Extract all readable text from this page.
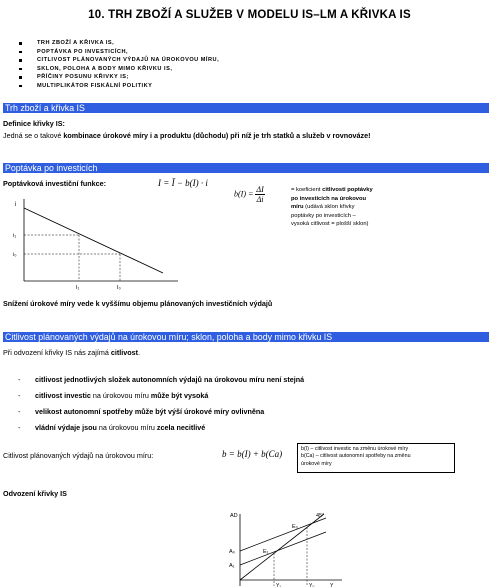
10. TRH ZBOŽÍ A SLUŽEB V MODELU IS–LM A KŘIVKA IS
TRH ZBOŽÍ A KŘIVKA IS,
POPTÁVKA PO INVESTICÍCH,
CITLIVOST PLÁNOVANÝCH VÝDAJŮ NA ÚROKOVOU MÍRU,
SKLON, POLOHA A BODY MIMO KŘIVKU IS,
PŘÍČINY POSUNU KŘIVKY IS;
MULTIPLIKÁTOR FISKÁLNÍ POLITIKY
Trh zboží a křivka IS
Definice křivky IS:
Jedná se o takové kombinace úrokové míry i a produktu (důchodu) při níž je trh statků a služeb v rovnováze!
Poptávka po investicích
Poptávková investiční funkce:	I = Ī − b(I) · i
$b(I) = \frac{\Delta I}{\Delta i}$	= koeficient citlivosti poptávky
po investicích na úrokovou
míru (udává sklon křivky
poptávky po investicích –
vysoká citlivost = plošší sklon)
i
i₁
i₀
I₁	I₀
Snížení úrokové míry vede k vyššímu objemu plánovaných investičních výdajů
Citlivost plánovaných výdajů na úrokovou míru; sklon, poloha a body mimo křivku IS
Při odvození křivky IS nás zajímá citlivost.
- citlivost jednotlivých složek autonomních výdajů na úrokovou míru není stejná
- citlivost investic na úrokovou míru může být vysoká
- velikost autonomní spotřeby může být výší úrokové míry ovlivněna
- vládní výdaje jsou na úrokovou míru zcela necitlivé
Citlivost plánovaných výdajů na úrokovou míru:	b = b(I) + b(Ca)	b(I) – citlivost investic na změnu úrokové míry
b(Ca) – citlivost autonomní spotřeby na změnu
úrokové míry
Odvození křivky IS
AD	45°
A₀
A₁
E₁
E₀
Y₁	Y₀	Y
